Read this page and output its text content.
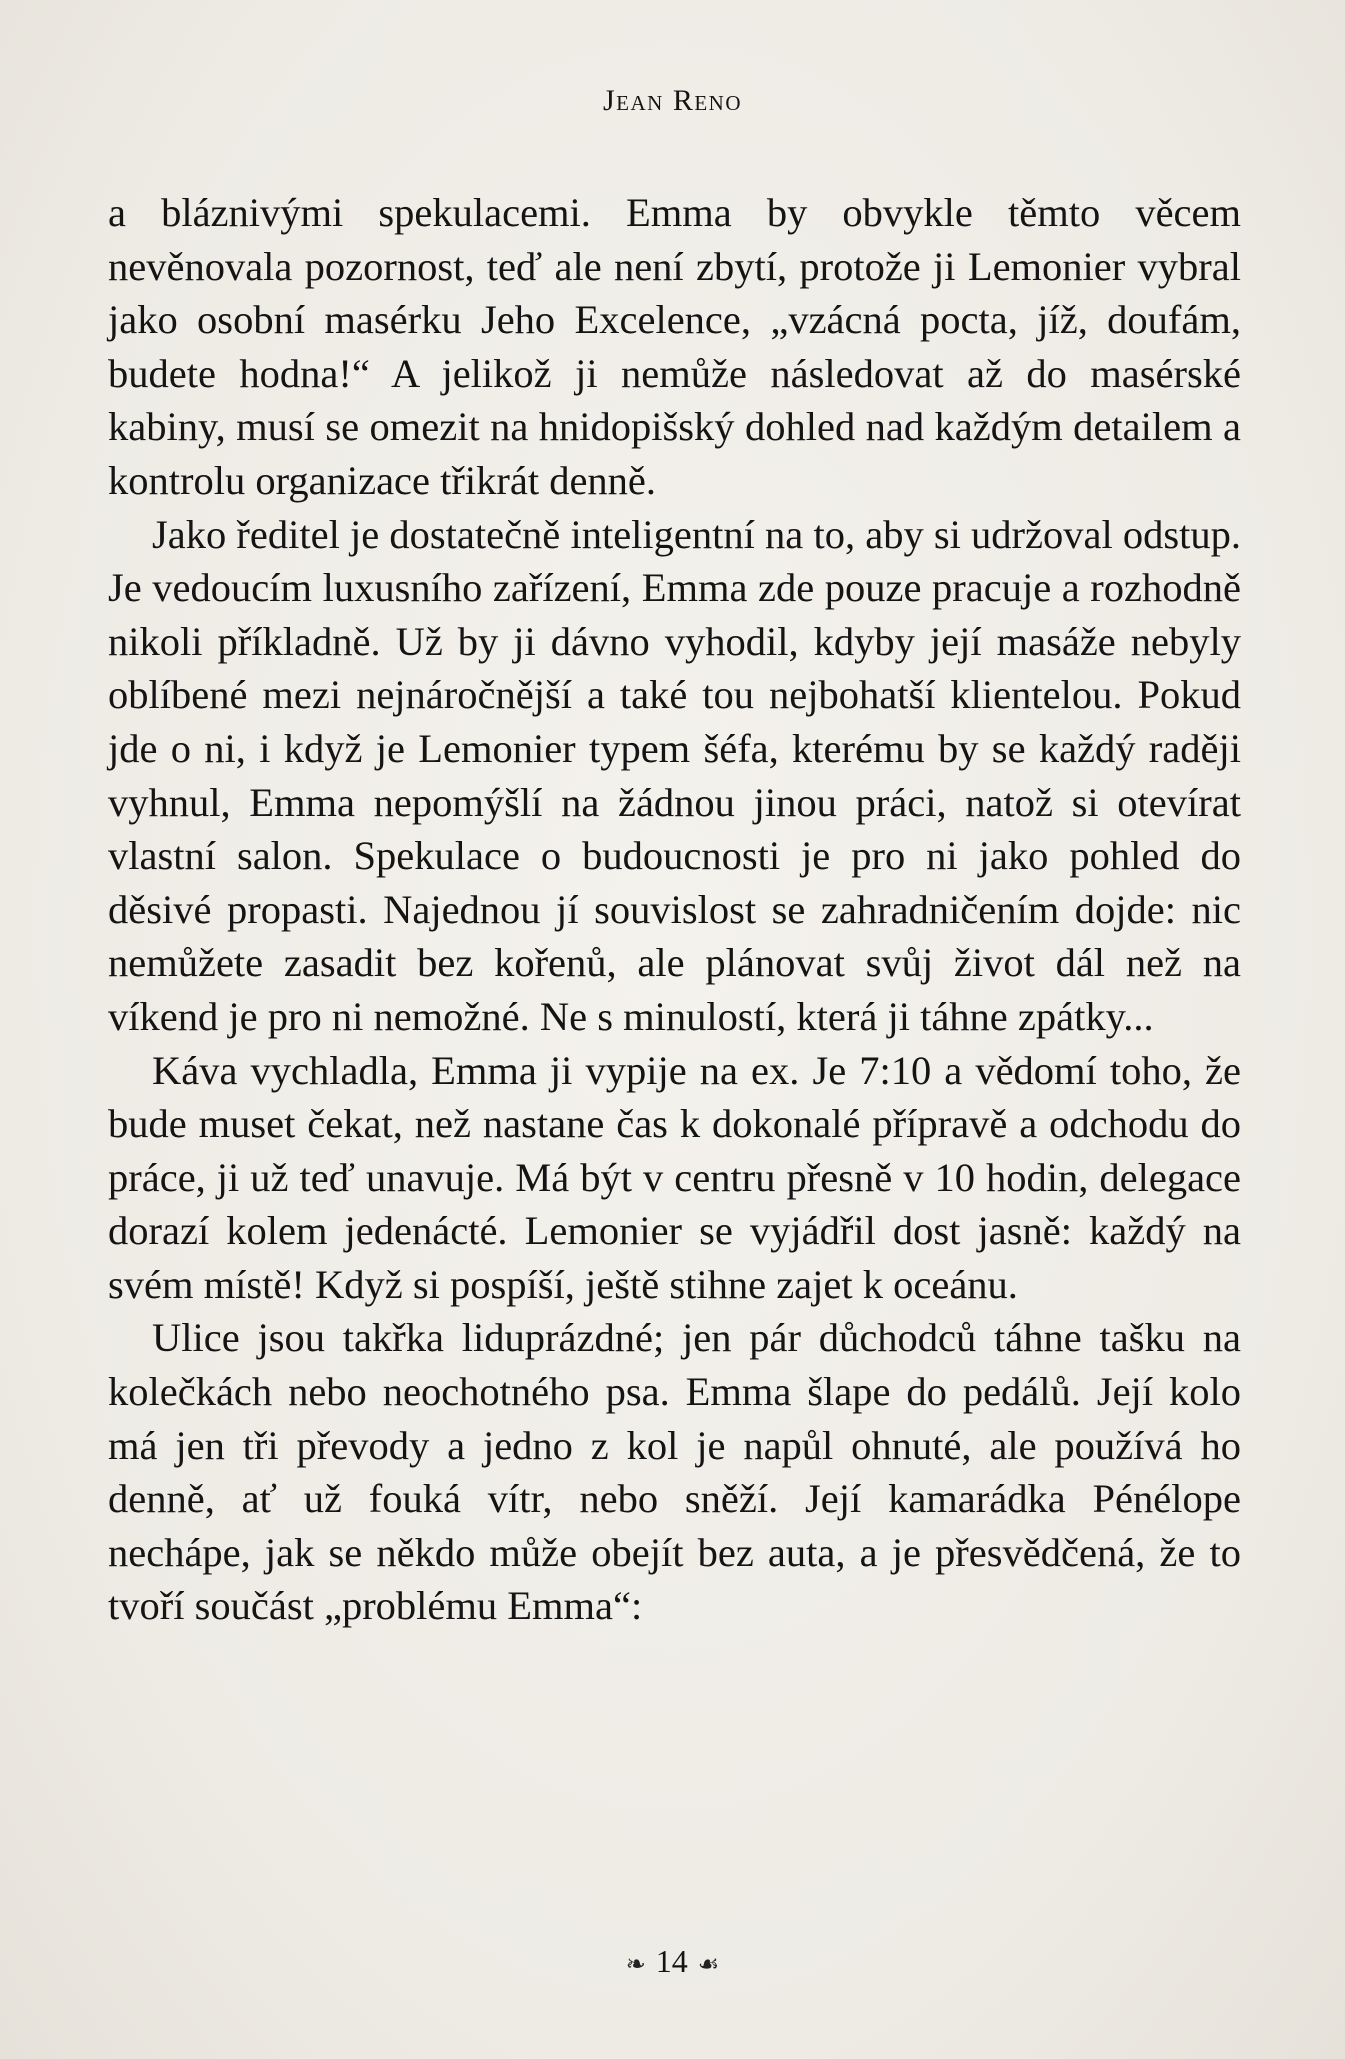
Jean Reno

a bláznivými spekulacemi. Emma by obvykle těmto věcem nevěnovala pozornost, teď ale není zbytí, protože ji Lemonier vybral jako osobní masérku Jeho Excelence, „vzácná pocta, jíž, doufám, budete hodna!“ A jelikož ji nemůže následovat až do masérské kabiny, musí se omezit na hnidopišský dohled nad každým detailem a kontrolu organizace třikrát denně.

Jako ředitel je dostatečně inteligentní na to, aby si udržoval odstup. Je vedoucím luxusního zařízení, Emma zde pouze pracuje a rozhodně nikoli příkladně. Už by ji dávno vyhodil, kdyby její masáže nebyly oblíbené mezi nejnáročnější a také tou nejbohatší klientelou. Pokud jde o ni, i když je Lemonier typem šéfa, kterému by se každý raději vyhnul, Emma nepomýšlí na žádnou jinou práci, natož si otevírat vlastní salon. Spekulace o budoucnosti je pro ni jako pohled do děsivé propasti. Najednou jí souvislost se zahradničením dojde: nic nemůžete zasadit bez kořenů, ale plánovat svůj život dál než na víkend je pro ni nemožné. Ne s minulostí, která ji táhne zpátky...

Káva vychladla, Emma ji vypije na ex. Je 7:10 a vědomí toho, že bude muset čekat, než nastane čas k dokonalé přípravě a odchodu do práce, ji už teď unavuje. Má být v centru přesně v 10 hodin, delegace dorazí kolem jedenácté. Lemonier se vyjádřil dost jasně: každý na svém místě! Když si pospíší, ještě stihne zajet k oceánu.

Ulice jsou takřka liduprázdné; jen pár důchodců táhne tašku na kolečkách nebo neochotného psa. Emma šlape do pedálů. Její kolo má jen tři převody a jedno z kol je napůl ohnuté, ale používá ho denně, ať už fouká vítr, nebo sněží. Její kamarádka Pénélope nechápe, jak se někdo může obejít bez auta, a je přesvědčená, že to tvoří součást „problému Emma“:

❧ 14 ☙
